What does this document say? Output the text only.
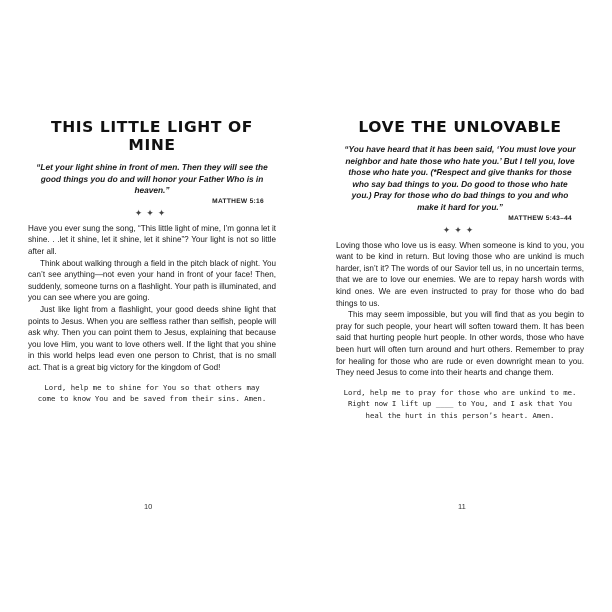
THIS LITTLE LIGHT OF MINE

“Let your light shine in front of men. Then they will see the good things you do and will honor your Father Who is in heaven.”

MATTHEW 5:16
✦✦✦

Have you ever sung the song, “This little light of mine, I’m gonna let it shine. . .let it shine, let it shine, let it shine”? Your light is not so little after all.

Think about walking through a field in the pitch black of night. You can’t see anything—not even your hand in front of your face! Then, suddenly, someone turns on a flashlight. Your path is illuminated, and you can see where you are going.

Just like light from a flashlight, your good deeds shine light that points to Jesus. When you are selfless rather than selfish, people will ask why. Then you can point them to Jesus, explaining that because you love Him, you want to love others well. If the light that you shine in this world helps lead even one person to Christ, that is no small act. That is a great big victory for the kingdom of God!

Lord, help me to shine for You so that others may come to know You and be saved from their sins. Amen.
10
LOVE THE UNLOVABLE

“You have heard that it has been said, ‘You must love your neighbor and hate those who hate you.’ But I tell you, love those who hate you. (*Respect and give thanks for those who say bad things to you. Do good to those who hate you.) Pray for those who do bad things to you and who make it hard for you.”

MATTHEW 5:43–44
✦✦✦

Loving those who love us is easy. When someone is kind to you, you want to be kind in return. But loving those who are unkind is much harder, isn’t it? The words of our Savior tell us, in no uncertain terms, that we are to love our enemies. We are to repay harsh words with kind ones. We are even instructed to pray for those who do bad things to us.

This may seem impossible, but you will find that as you begin to pray for such people, your heart will soften toward them. It has been said that hurting people hurt people. In other words, those who have been hurt will often turn around and hurt others. Remember to pray for healing for those who are rude or even downright mean to you. They need Jesus to come into their hearts and change them.

Lord, help me to pray for those who are unkind to me. Right now I lift up ____ to You, and I ask that You heal the hurt in this person’s heart. Amen.
11
